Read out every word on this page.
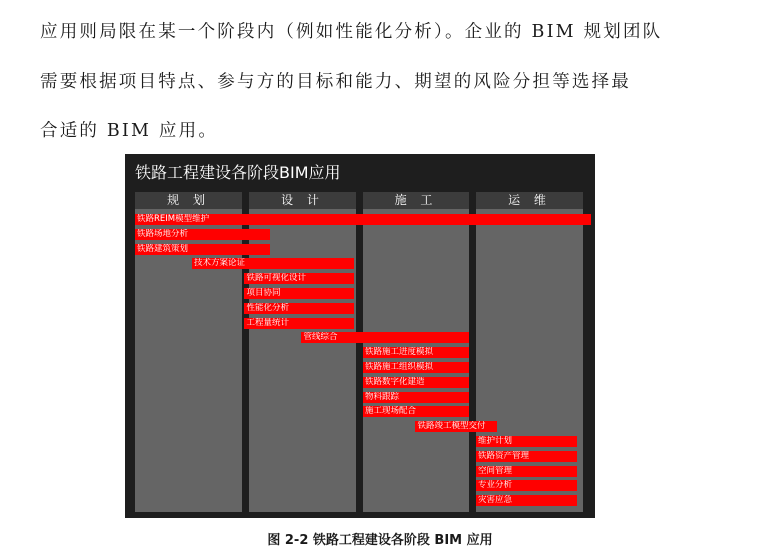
应用则局限在某一个阶段内（例如性能化分析）。企业的 BIM 规划团队
需要根据项目特点、参与方的目标和能力、期望的风险分担等选择最
合适的 BIM 应用。
铁路工程建设各阶段BIM应用
规 划	设 计	施 工	运 维
铁路REIM模型维护
铁路场地分析
铁路建筑策划
技术方案论证
铁路可视化设计
项目协同
性能化分析
工程量统计
管线综合
铁路施工进度模拟
铁路施工组织模拟
铁路数字化建造
物料跟踪
施工现场配合
铁路竣工模型交付
维护计划
铁路资产管理
空间管理
专业分析
灾害应急
图 2-2 铁路工程建设各阶段 BIM 应用
